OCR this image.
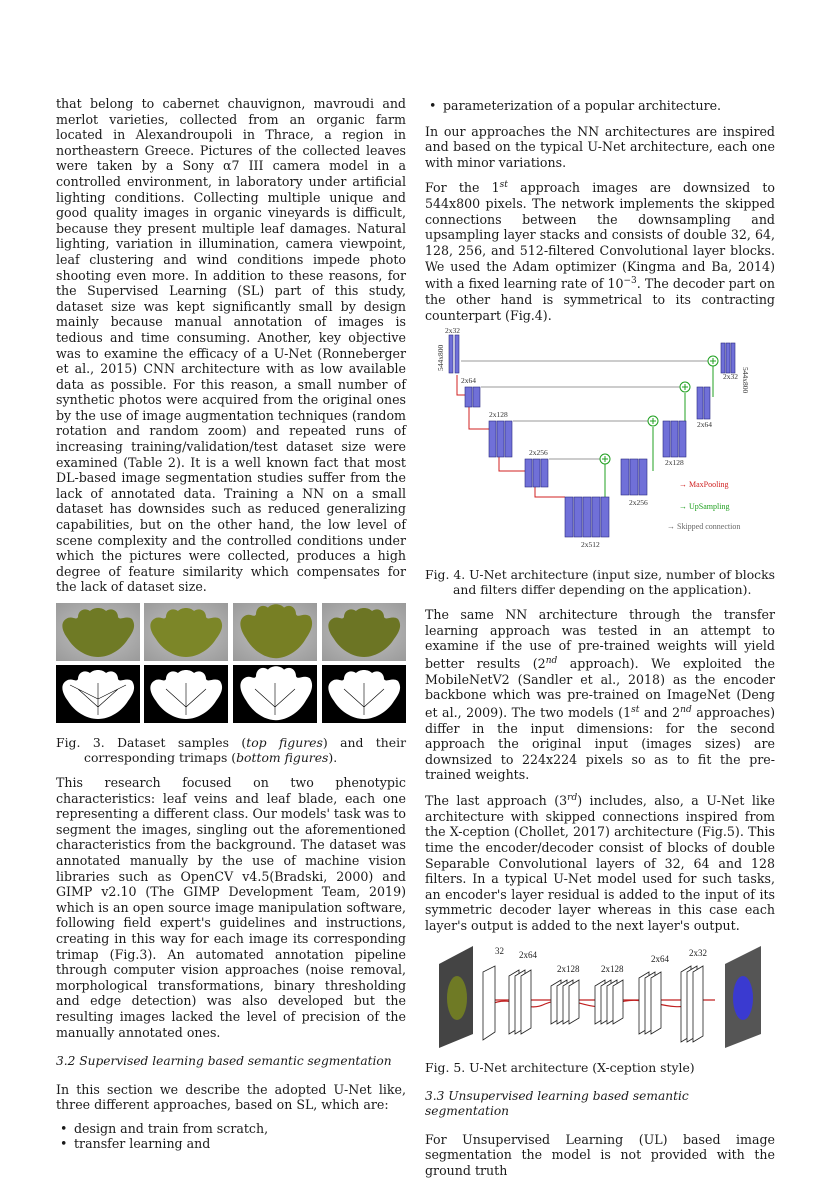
that belong to cabernet chauvignon, mavroudi and merlot varieties, collected from an organic farm located in Alexandroupoli in Thrace, a region in northeastern Greece. Pictures of the collected leaves were taken by a Sony α7 III camera model in a controlled environment, in laboratory under artificial lighting conditions. Collecting multiple unique and good quality images in organic vineyards is difficult, because they present multiple leaf damages. Natural lighting, variation in illumination, camera viewpoint, leaf clustering and wind conditions impede photo shooting even more. In addition to these reasons, for the Supervised Learning (SL) part of this study, dataset size was kept significantly small by design mainly because manual annotation of images is tedious and time consuming. Another, key objective was to examine the efficacy of a U-Net (Ronneberger et al., 2015) CNN architecture with as low available data as possible. For this reason, a small number of synthetic photos were acquired from the original ones by the use of image augmentation techniques (random rotation and random zoom) and repeated runs of increasing training/validation/test dataset size were examined (Table 2). It is a well known fact that most DL-based image segmentation studies suffer from the lack of annotated data. Training a NN on a small dataset has downsides such as reduced generalizing capabilities, but on the other hand, the low level of scene complexity and the controlled conditions under which the pictures were collected, produces a high degree of feature similarity which compensates for the lack of dataset size.

Fig. 3. Dataset samples (top figures) and their corresponding trimaps (bottom figures).

This research focused on two phenotypic characteristics: leaf veins and leaf blade, each one representing a different class. Our models' task was to segment the images, singling out the aforementioned characteristics from the background. The dataset was annotated manually by the use of machine vision libraries such as OpenCV v4.5(Bradski, 2000) and GIMP v2.10 (The GIMP Development Team, 2019) which is an open source image manipulation software, following field expert's guidelines and instructions, creating in this way for each image its corresponding trimap (Fig.3). An automated annotation pipeline through computer vision approaches (noise removal, morphological transformations, binary thresholding and edge detection) was also developed but the resulting images lacked the level of precision of the manually annotated ones.

3.2 Supervised learning based semantic segmentation

In this section we describe the adopted U-Net like, three different approaches, based on SL, which are:

• design and train from scratch,
• transfer learning and
• parameterization of a popular architecture.

In our approaches the NN architectures are inspired and based on the typical U-Net architecture, each one with minor variations.

For the 1st approach images are downsized to 544x800 pixels. The network implements the skipped connections between the downsampling and upsampling layer stacks and consists of double 32, 64, 128, 256, and 512-filtered Convolutional layer blocks. We used the Adam optimizer (Kingma and Ba, 2014) with a fixed learning rate of $10^{-3}$. The decoder part on the other hand is symmetrical to its contracting counterpart (Fig.4).

2x32
544x800
2x64
2x128
2x256
2x512
2x256
2x128
2x64
2x32 544x800
→ MaxPooling
→ UpSampling
→ Skipped connection

Fig. 4. U-Net architecture (input size, number of blocks and filters differ depending on the application).

The same NN architecture through the transfer learning approach was tested in an attempt to examine if the use of pre-trained weights will yield better results (2nd approach). We exploited the MobileNetV2 (Sandler et al., 2018) as the encoder backbone which was pre-trained on ImageNet (Deng et al., 2009). The two models (1st and 2nd approaches) differ in the input dimensions: for the second approach the original input (images sizes) are downsized to 224x224 pixels so as to fit the pre-trained weights.

The last approach (3rd) includes, also, a U-Net like architecture with skipped connections inspired from the X-ception (Chollet, 2017) architecture (Fig.5). This time the encoder/decoder consist of blocks of double Separable Convolutional layers of 32, 64 and 128 filters. In a typical U-Net model used for such tasks, an encoder's layer residual is added to the input of its symmetric decoder layer whereas in this case each layer's output is added to the next layer's output.

32 2x64
2x128 2x128
2x64
2x32

Fig. 5. U-Net architecture (X-ception style)

3.3 Unsupervised learning based semantic segmentation

For Unsupervised Learning (UL) based image segmentation the model is not provided with the ground truth
